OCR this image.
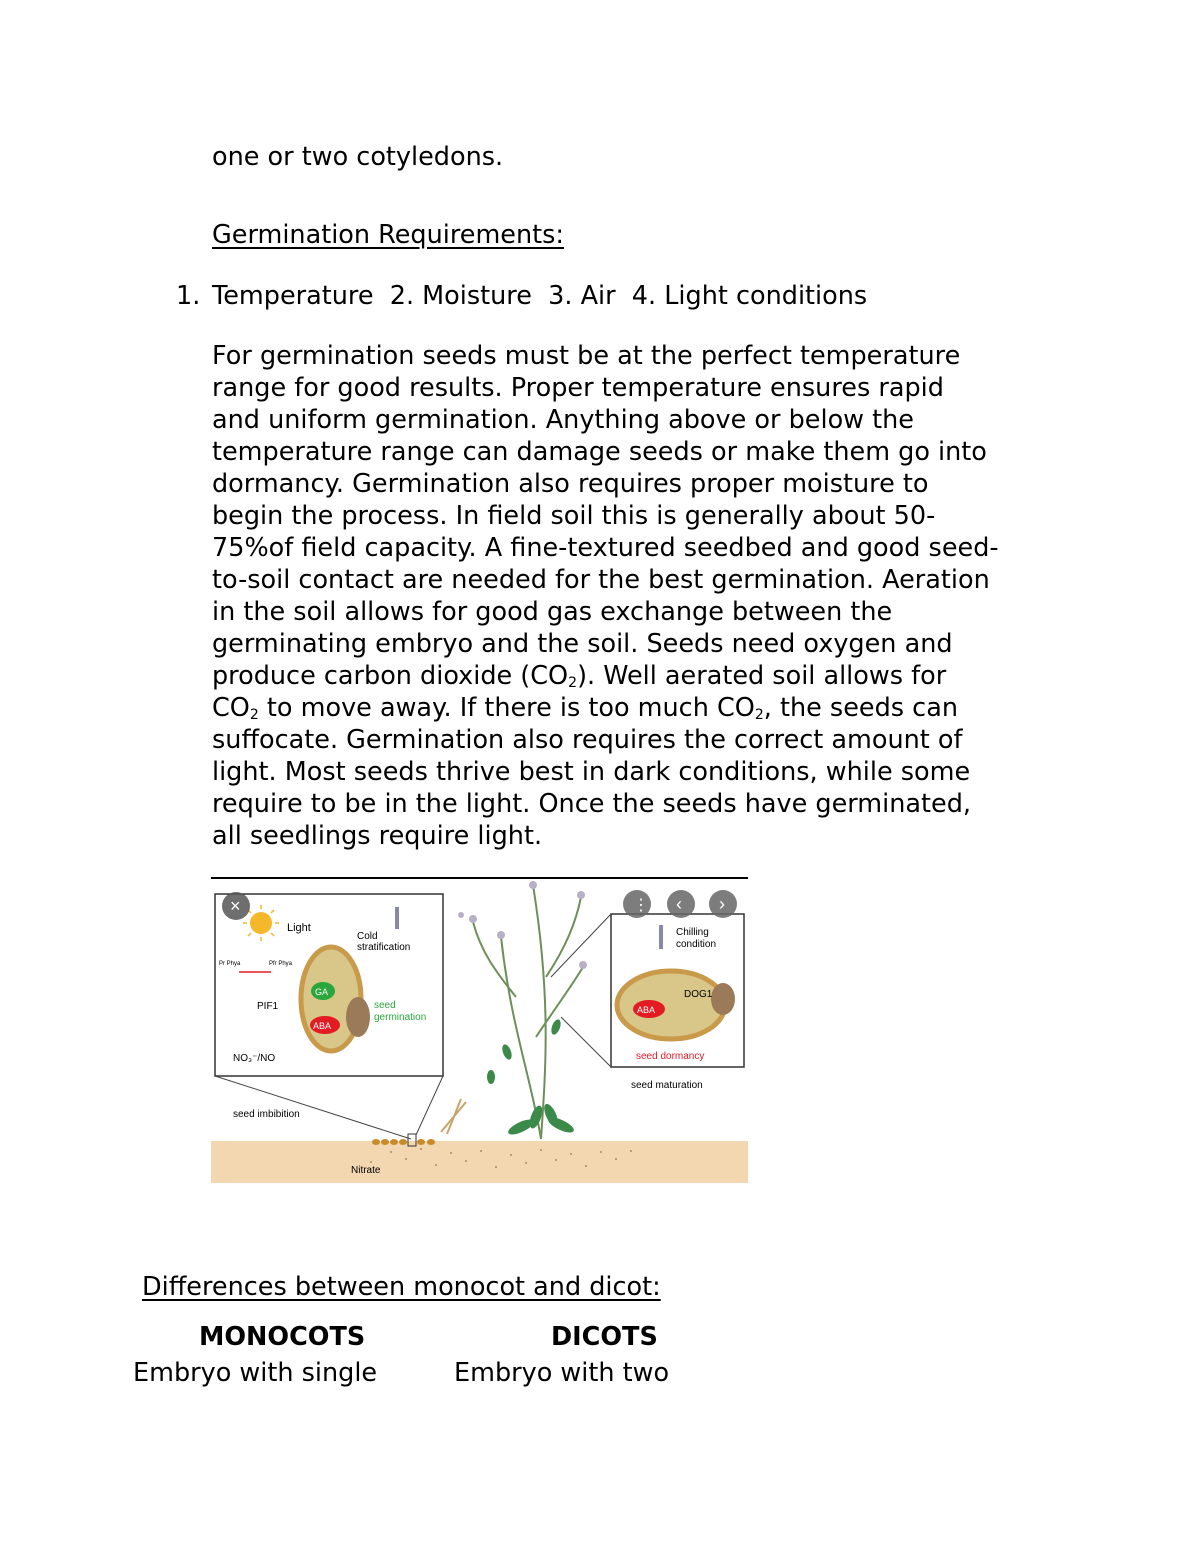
one or two cotyledons.
Germination Requirements:
1. Temperature  2. Moisture  3. Air  4. Light conditions
For germination seeds must be at the perfect temperature
range for good results. Proper temperature ensures rapid
and uniform germination. Anything above or below the
temperature range can damage seeds or make them go into
dormancy. Germination also requires proper moisture to
begin the process. In field soil this is generally about 50-
75%of field capacity. A fine-textured seedbed and good seed-
to-soil contact are needed for the best germination. Aeration
in the soil allows for good gas exchange between the
germinating embryo and the soil. Seeds need oxygen and
produce carbon dioxide $(CO_2)$. Well aerated soil allows for
$CO_2$ to move away. If there is too much $CO_2$, the seeds can
suffocate. Germination also requires the correct amount of
light. Most seeds thrive best in dark conditions, while some
require to be in the light. Once the seeds have germinated,
all seedlings require light.
Light
Pr Phya	Pfr Phya
PIF1
Cold
stratification
GA
ABA
seed
germination
NO₃⁻/NO
seed imbibition
Nitrate
×
Chilling
condition
ABA
DOG1
seed dormancy
seed maturation
⋮ ‹ ›
Differences between monocot and dicot:
MONOCOTS	DICOTS
Embryo with single	Embryo with two
